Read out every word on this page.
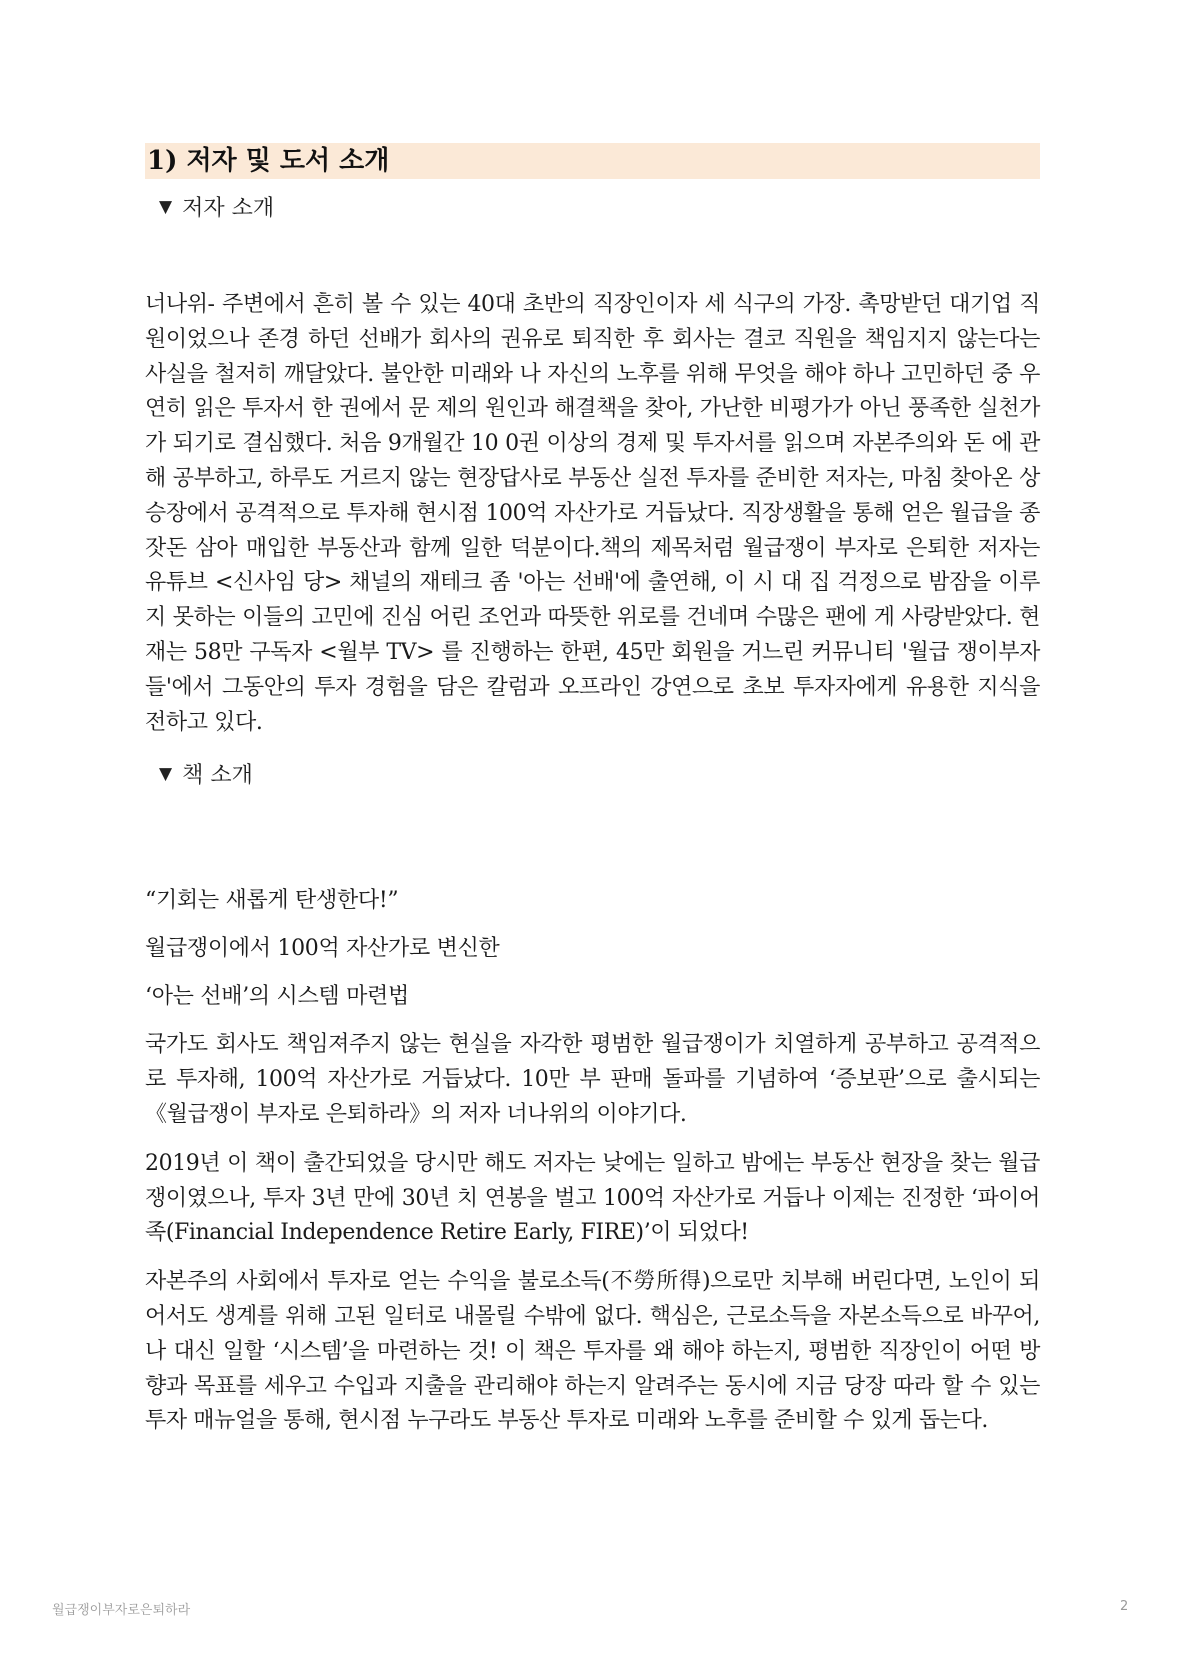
1) 저자 및 도서 소개
▼ 저자 소개
너나위- 주변에서 흔히 볼 수 있는 40대 초반의 직장인이자 세 식구의 가장. 촉망받던 대기업 직원이었으나 존경 하던 선배가 회사의 권유로 퇴직한 후 회사는 결코 직원을 책임지지 않는다는 사실을 철저히 깨달았다. 불안한 미래와 나 자신의 노후를 위해 무엇을 해야 하나 고민하던 중 우연히 읽은 투자서 한 권에서 문 제의 원인과 해결책을 찾아, 가난한 비평가가 아닌 풍족한 실천가가 되기로 결심했다. 처음 9개월간 10 0권 이상의 경제 및 투자서를 읽으며 자본주의와 돈 에 관해 공부하고, 하루도 거르지 않는 현장답사로 부동산 실전 투자를 준비한 저자는, 마침 찾아온 상 승장에서 공격적으로 투자해 현시점 100억 자산가로 거듭났다. 직장생활을 통해 얻은 월급을 종잣돈 삼아 매입한 부동산과 함께 일한 덕분이다.책의 제목처럼 월급쟁이 부자로 은퇴한 저자는 유튜브 <신사임 당> 채널의 재테크 좀 '아는 선배'에 출연해, 이 시 대 집 걱정으로 밤잠을 이루지 못하는 이들의 고민에 진심 어린 조언과 따뜻한 위로를 건네며 수많은 팬에 게 사랑받았다. 현재는 58만 구독자 <월부 TV> 를 진행하는 한편, 45만 회원을 거느린 커뮤니티 '월급 쟁이부자들'에서 그동안의 투자 경험을 담은 칼럼과 오프라인 강연으로 초보 투자자에게 유용한 지식을 전하고 있다.
▼ 책 소개

“기회는 새롭게 탄생한다!”

월급쟁이에서 100억 자산가로 변신한

‘아는 선배’의 시스템 마련법

국가도 회사도 책임져주지 않는 현실을 자각한 평범한 월급쟁이가 치열하게 공부하고 공격적으로 투자해, 100억 자산가로 거듭났다. 10만 부 판매 돌파를 기념하여 ‘증보판’으로 출시되는 《월급쟁이 부자로 은퇴하라》의 저자 너나위의 이야기다.

2019년 이 책이 출간되었을 당시만 해도 저자는 낮에는 일하고 밤에는 부동산 현장을 찾는 월급쟁이였으나, 투자 3년 만에 30년 치 연봉을 벌고 100억 자산가로 거듭나 이제는 진정한 ‘파이어족(Financial Independence Retire Early, FIRE)’이 되었다!

자본주의 사회에서 투자로 얻는 수익을 불로소득(不勞所得)으로만 치부해 버린다면, 노인이 되어서도 생계를 위해 고된 일터로 내몰릴 수밖에 없다. 핵심은, 근로소득을 자본소득으로 바꾸어, 나 대신 일할 ‘시스템’을 마련하는 것! 이 책은 투자를 왜 해야 하는지, 평범한 직장인이 어떤 방향과 목표를 세우고 수입과 지출을 관리해야 하는지 알려주는 동시에 지금 당장 따라 할 수 있는 투자 매뉴얼을 통해, 현시점 누구라도 부동산 투자로 미래와 노후를 준비할 수 있게 돕는다.

월급쟁이부자로은퇴하라	2
